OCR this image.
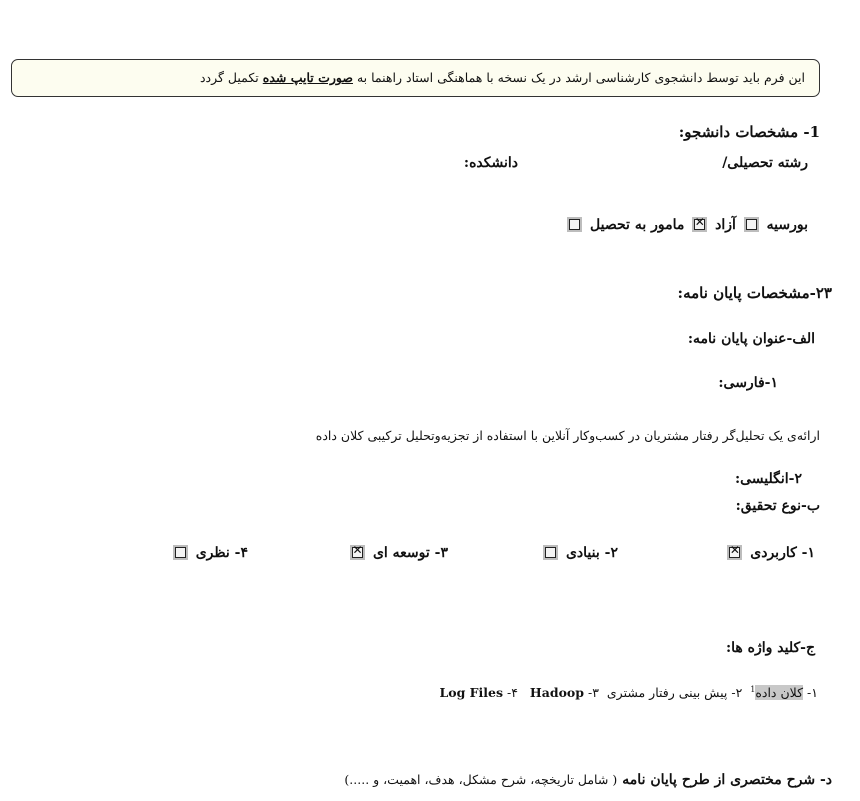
این فرم باید توسط دانشجوی کارشناسی ارشد در یک نسخه با هماهنگی استاد راهنما به صورت تایپ شده تکمیل گردد
1- مشخصات دانشجو:
رشته تحصیلی/
دانشکده:
بورسیه  آزاد ✕ مامور به تحصیل
۲۳-مشخصات پایان نامه:
الف-عنوان پایان نامه:
۱-فارسی:
ارائه‌ی یک تحلیل‌گر رفتار مشتریان در کسب‌وکار آنلاین با استفاده از تجزیه‌وتحلیل ترکیبی کلان داده
۲-انگلیسی:
ب-نوع تحقیق:
۱- کاربردی ✕
۲- بنیادی
۳- توسعه ای ✕
۴- نظری
ج-کلید واژه ها:
۱- کلان داده$^1$  ۲- پیش بینی رفتار مشتری  ۳- Hadoop   ۴- Log Files
د- شرح مختصری از طرح پایان نامه ( شامل تاریخچه، شرح مشکل، هدف، اهمیت، و .....)
